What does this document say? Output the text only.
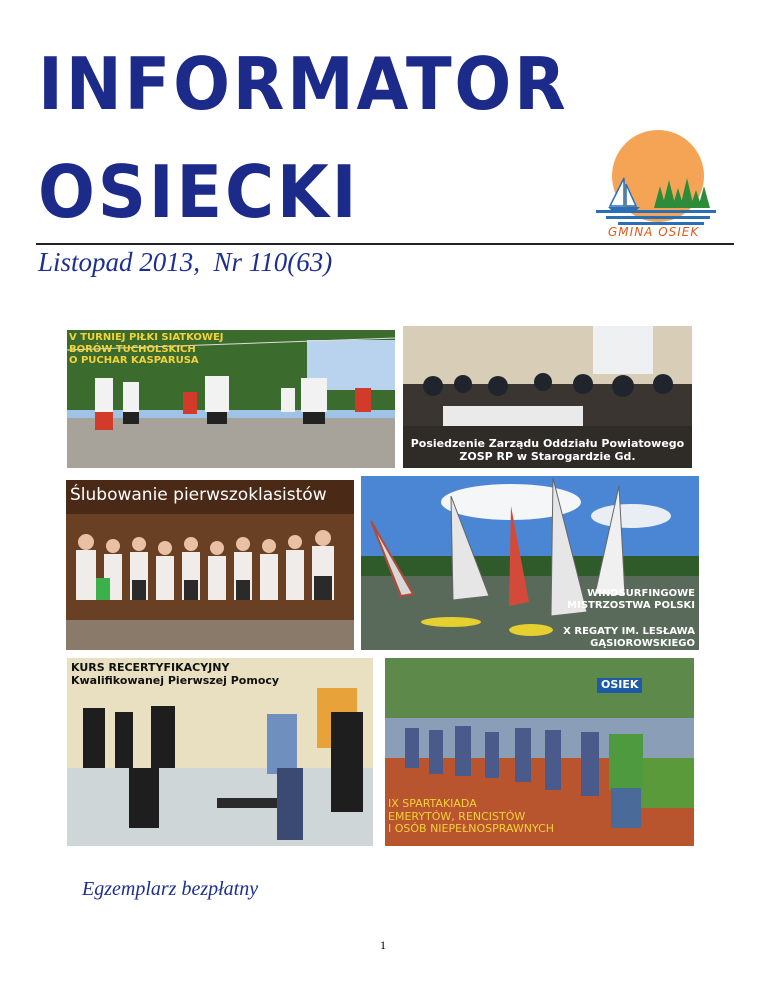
INFORMATOR
OSIECKI	GMINA OSIEK
Listopad 2013,  Nr 110(63)
V TURNIEJ PIŁKI SIATKOWEJ
BORÓW TUCHOLSKICH
O PUCHAR KASPARUSA
Posiedzenie Zarządu Oddziału Powiatowego
ZOSP RP w Starogardzie Gd.
Ślubowanie pierwszoklasistów
WINDSURFINGOWE
MISTRZOSTWA POLSKI
X REGATY IM. LESŁAWA
GĄSIOROWSKIEGO
KURS RECERTYFIKACYJNY
Kwalifikowanej Pierwszej Pomocy	OSIEK
IX SPARTAKIADA
EMERYTÓW, RENCISTÓW
I OSÓB NIEPEŁNOSPRAWNYCH
Egzemplarz bezpłatny
1
